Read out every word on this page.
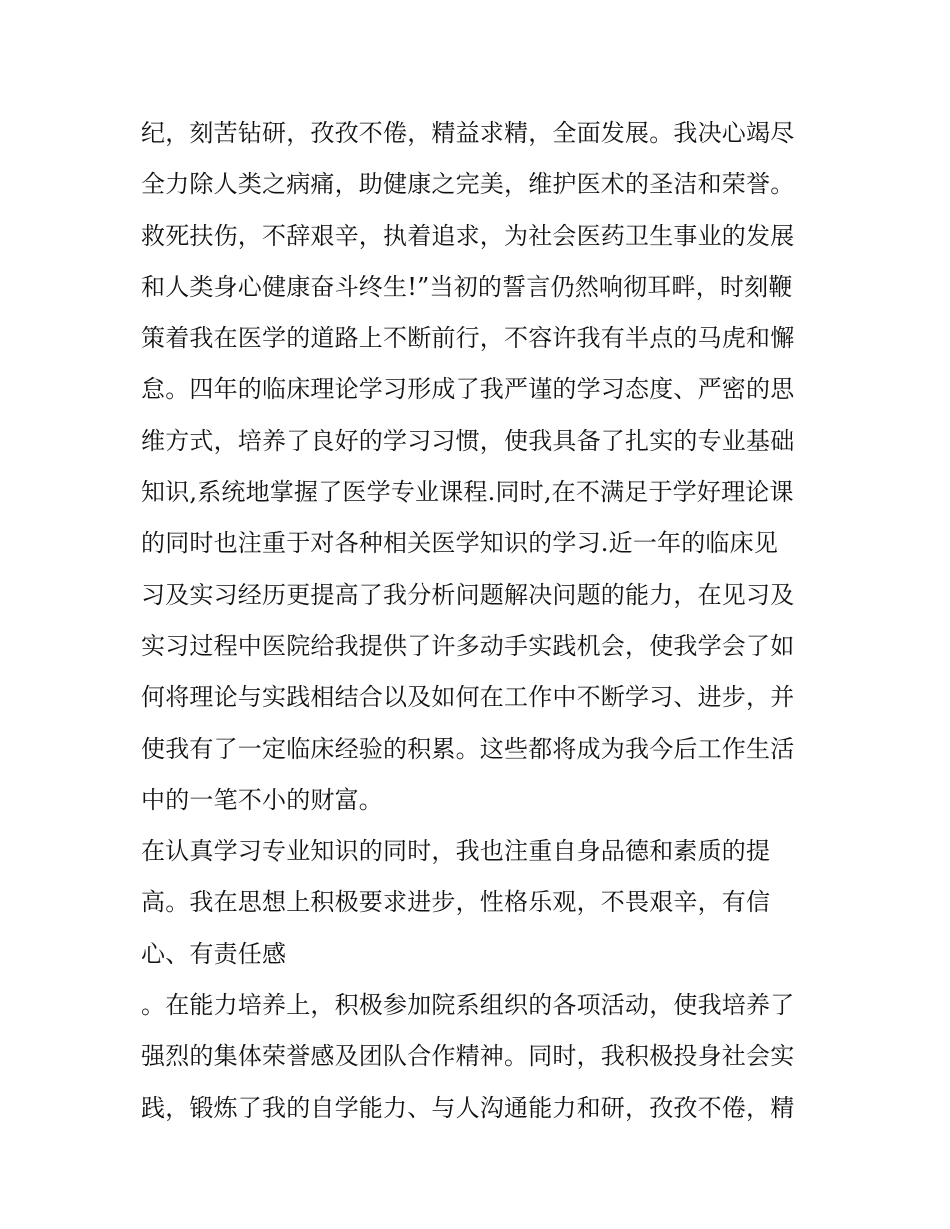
纪，刻苦钻研，孜孜不倦，精益求精，全面发展。我决心竭尽
全力除人类之病痛，助健康之完美，维护医术的圣洁和荣誉。
救死扶伤，不辞艰辛，执着追求，为社会医药卫生事业的发展
和人类身心健康奋斗终生!”当初的誓言仍然响彻耳畔，时刻鞭
策着我在医学的道路上不断前行，不容许我有半点的马虎和懈
怠。四年的临床理论学习形成了我严谨的学习态度、严密的思
维方式，培养了良好的学习习惯，使我具备了扎实的专业基础
知识,系统地掌握了医学专业课程.同时,在不满足于学好理论课
的同时也注重于对各种相关医学知识的学习.近一年的临床见
习及实习经历更提高了我分析问题解决问题的能力，在见习及
实习过程中医院给我提供了许多动手实践机会，使我学会了如
何将理论与实践相结合以及如何在工作中不断学习、进步，并
使我有了一定临床经验的积累。这些都将成为我今后工作生活
中的一笔不小的财富。
在认真学习专业知识的同时，我也注重自身品德和素质的提
高。我在思想上积极要求进步，性格乐观，不畏艰辛，有信
心、有责任感
。在能力培养上，积极参加院系组织的各项活动，使我培养了
强烈的集体荣誉感及团队合作精神。同时，我积极投身社会实
践，锻炼了我的自学能力、与人沟通能力和研，孜孜不倦，精
